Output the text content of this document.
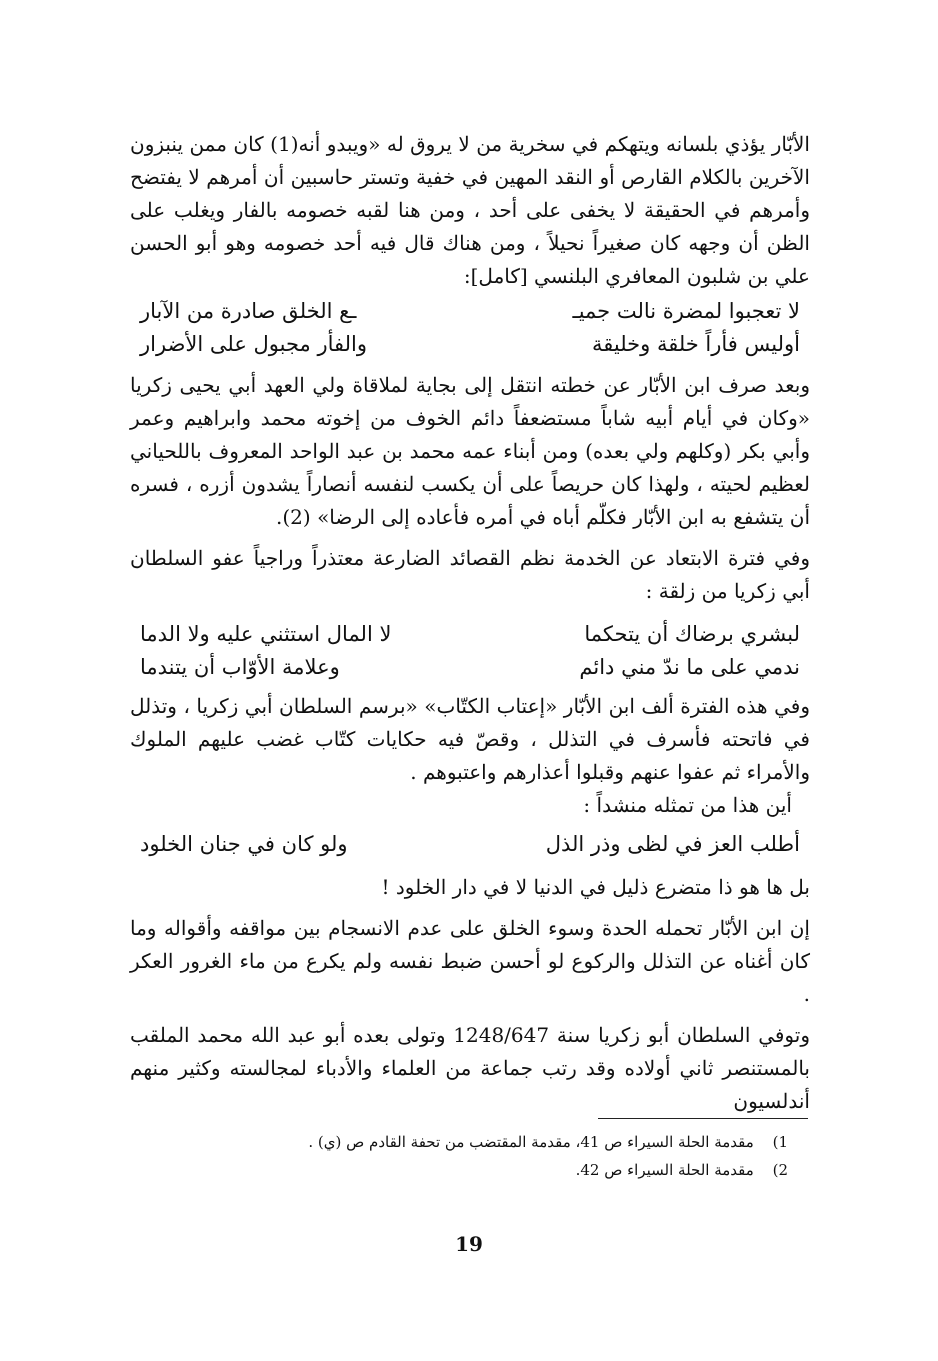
الأبّار يؤذي بلسانه ويتهكم في سخرية من لا يروق له «ويبدو أنه(1) كان ممن ينبزون الآخرين بالكلام القارص أو النقد المهين في خفية وتستر حاسبين أن أمرهم لا يفتضح وأمرهم في الحقيقة لا يخفى على أحد ، ومن هنا لقبه خصومه بالفار ويغلب على الظن أن وجهه كان صغيراً نحيلاً ، ومن هناك قال فيه أحد خصومه وهو أبو الحسن علي بن شلبون المعافري البلنسي [كامل]:

لا تعجبوا لمضرة نالت جميـ
ـع الخلق صادرة من الآبار
أوليس فأراً خلقة وخليقة
والفأر مجبول على الأضرار

وبعد صرف ابن الأبّار عن خطته انتقل إلى بجاية لملاقاة ولي العهد أبي يحيى زكريا «وكان في أيام أبيه شاباً مستضعفاً دائم الخوف من إخوته محمد وابراهيم وعمر وأبي بكر (وكلهم ولي بعده) ومن أبناء عمه محمد بن عبد الواحد المعروف باللحياني لعظيم لحيته ، ولهذا كان حريصاً على أن يكسب لنفسه أنصاراً يشدون أزره ، فسره أن يتشفع به ابن الأبّار فكلّم أباه في أمره فأعاده إلى الرضا» (2).

وفي فترة الابتعاد عن الخدمة نظم القصائد الضارعة معتذراً وراجياً عفو السلطان أبي زكريا من زلقة :

لبشري برضاك أن يتحكما
لا المال استثني عليه ولا الدما
ندمي على ما ندّ مني دائم
وعلامة الأوّاب أن يتندما

وفي هذه الفترة ألف ابن الأبّار «إعتاب الكتّاب» «برسم السلطان أبي زكريا ، وتذلل في فاتحته فأسرف في التذلل ، وقصّ فيه حكايات كتّاب غضب عليهم الملوك والأمراء ثم عفوا عنهم وقبلوا أعذارهم واعتبوهم .

أين هذا من تمثله منشداً :

أطلب العز في لظى وذر الذل
ولو كان في جنان الخلود

بل ها هو ذا متضرع ذليل في الدنيا لا في دار الخلود !

إن ابن الأبّار تحمله الحدة وسوء الخلق على عدم الانسجام بين مواقفه وأقواله وما كان أغناه عن التذلل والركوع لو أحسن ضبط نفسه ولم يكرع من ماء الغرور العكر .

وتوفي السلطان أبو زكريا سنة 1248/647 وتولى بعده أبو عبد الله محمد الملقب بالمستنصر ثاني أولاده وقد رتب جماعة من العلماء والأدباء لمجالسته وكثير منهم أندلسيون

1) مقدمة الحلة السيراء ص 41، مقدمة المقتضب من تحفة القادم ص (ي) .
2) مقدمة الحلة السيراء ص 42.
19
